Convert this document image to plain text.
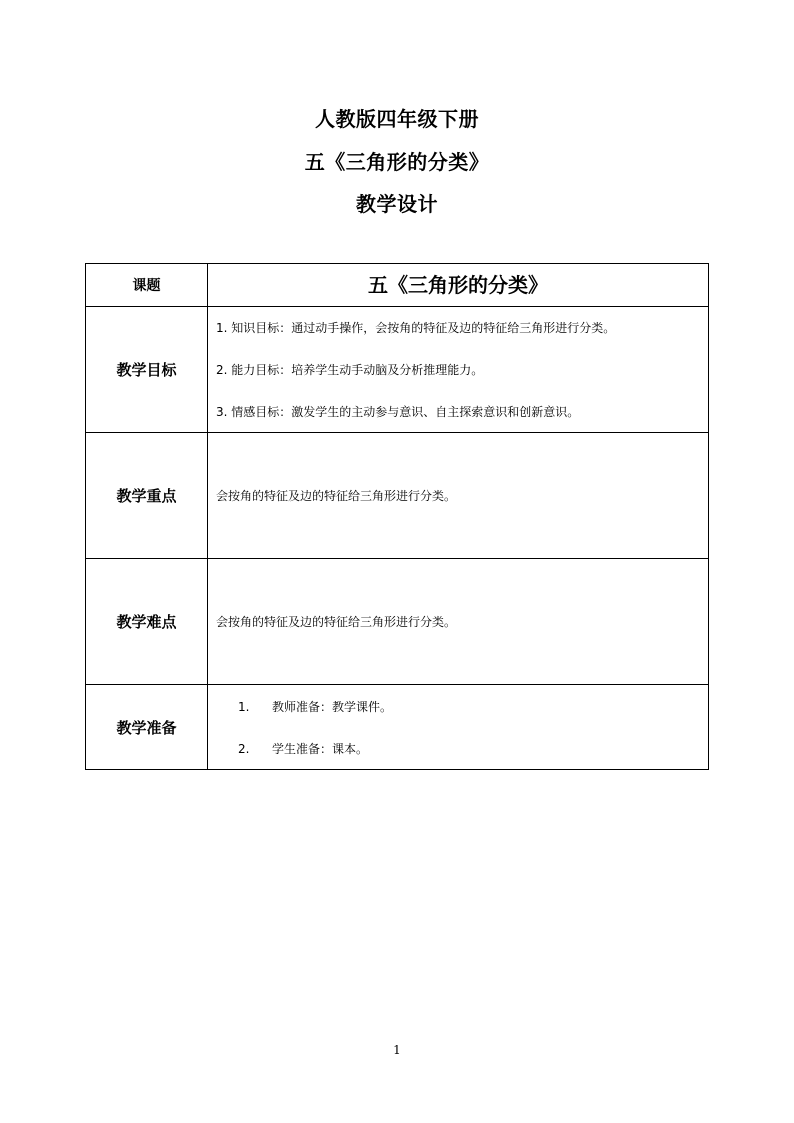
人教版四年级下册
五《三角形的分类》
教学设计
课题	五《三角形的分类》

教学目标	1. 知识目标：通过动手操作，会按角的特征及边的特征给三角形进行分类。
2. 能力目标：培养学生动手动脑及分析推理能力。
3. 情感目标：激发学生的主动参与意识、自主探索意识和创新意识。

教学重点	会按角的特征及边的特征给三角形进行分类。

教学难点	会按角的特征及边的特征给三角形进行分类。

教学准备	1. 教师准备：教学课件。
2. 学生准备：课本。
1
